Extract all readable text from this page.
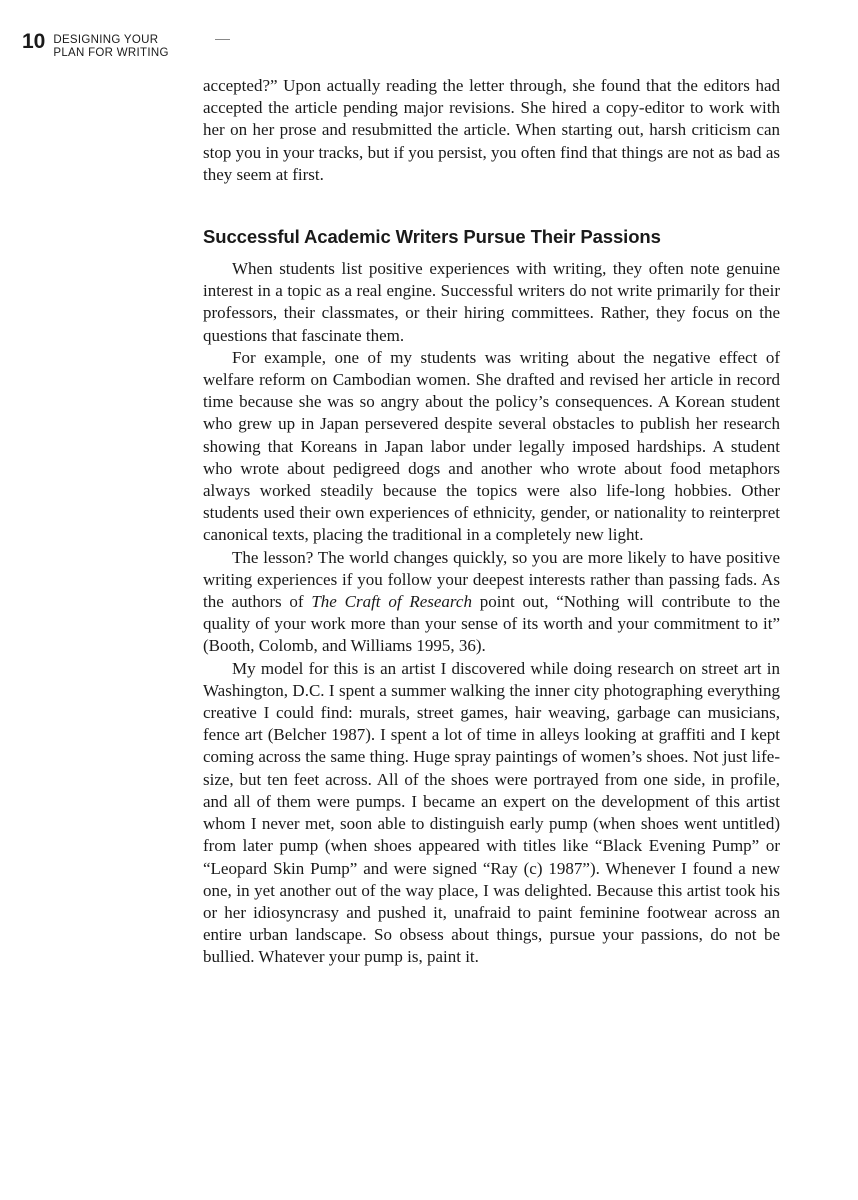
10 DESIGNING YOUR
PLAN FOR WRITING

accepted?” Upon actually reading the letter through, she found that the editors had accepted the article pending major revisions. She hired a copy-editor to work with her on her prose and resubmitted the article. When starting out, harsh criticism can stop you in your tracks, but if you persist, you often find that things are not as bad as they seem at first.

Successful Academic Writers Pursue Their Passions

When students list positive experiences with writing, they often note genuine interest in a topic as a real engine. Successful writers do not write primarily for their professors, their classmates, or their hiring committees. Rather, they focus on the questions that fascinate them.

For example, one of my students was writing about the negative effect of welfare reform on Cambodian women. She drafted and revised her article in record time because she was so angry about the policy’s consequences. A Korean student who grew up in Japan persevered despite several obstacles to publish her research showing that Koreans in Japan labor under legally imposed hardships. A student who wrote about pedigreed dogs and another who wrote about food metaphors always worked steadily because the topics were also life-long hobbies. Other students used their own experiences of ethnicity, gender, or nationality to reinterpret canonical texts, placing the traditional in a completely new light.

The lesson? The world changes quickly, so you are more likely to have positive writing experiences if you follow your deepest interests rather than passing fads. As the authors of The Craft of Research point out, “Nothing will contribute to the quality of your work more than your sense of its worth and your commitment to it” (Booth, Colomb, and Williams 1995, 36).

My model for this is an artist I discovered while doing research on street art in Washington, D.C. I spent a summer walking the inner city photographing everything creative I could find: murals, street games, hair weaving, garbage can musicians, fence art (Belcher 1987). I spent a lot of time in alleys looking at graffiti and I kept coming across the same thing. Huge spray paintings of women’s shoes. Not just life-size, but ten feet across. All of the shoes were portrayed from one side, in profile, and all of them were pumps. I became an expert on the development of this artist whom I never met, soon able to distinguish early pump (when shoes went untitled) from later pump (when shoes appeared with titles like “Black Evening Pump” or “Leopard Skin Pump” and were signed “Ray (c) 1987”). Whenever I found a new one, in yet another out of the way place, I was delighted. Because this artist took his or her idiosyncrasy and pushed it, unafraid to paint feminine footwear across an entire urban landscape. So obsess about things, pursue your passions, do not be bullied. Whatever your pump is, paint it.
